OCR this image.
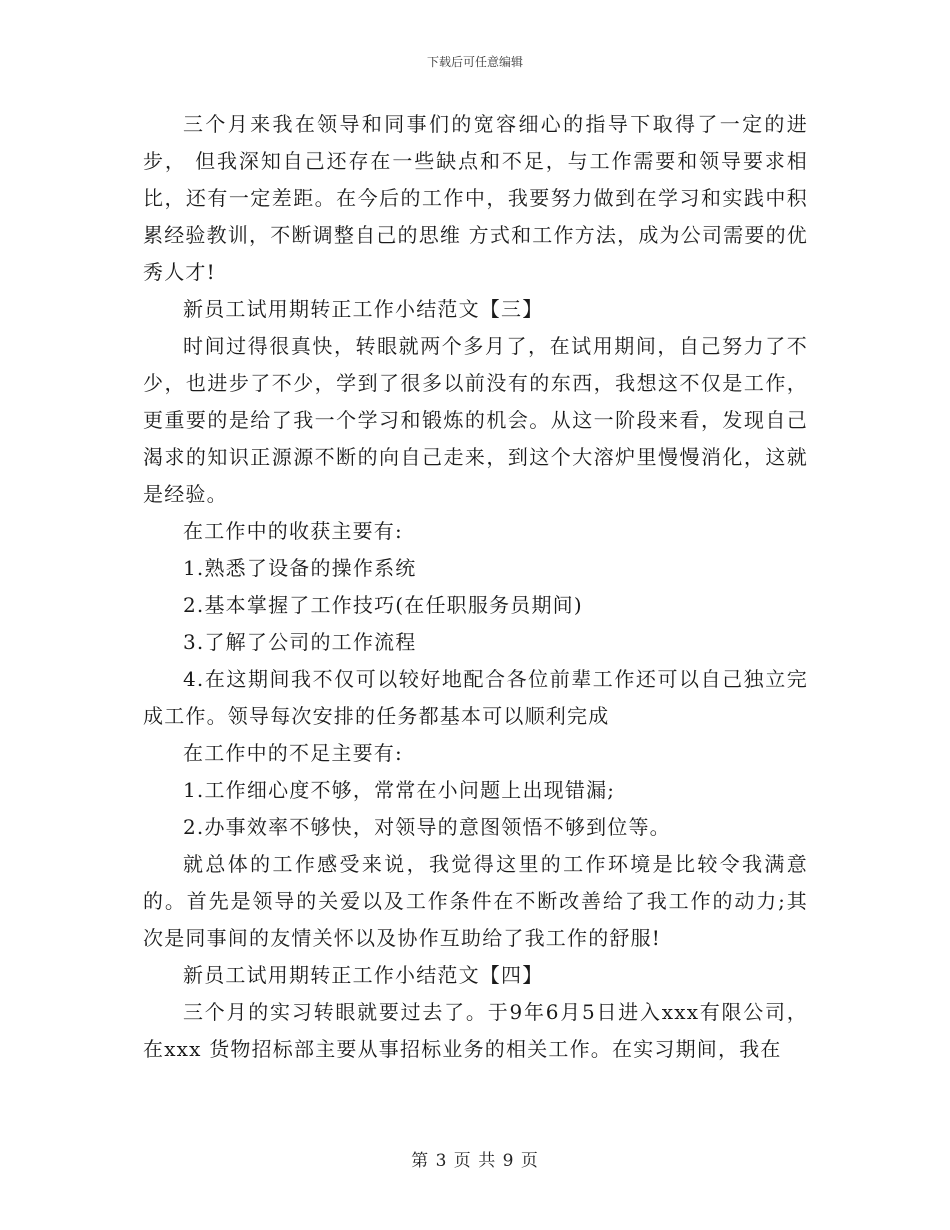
下载后可任意编辑

三个月来我在领导和同事们的宽容细心的指导下取得了一定的进步， 但我深知自己还存在一些缺点和不足，与工作需要和领导要求相比，还有一定差距。在今后的工作中，我要努力做到在学习和实践中积累经验教训，不断调整自己的思维 方式和工作方法，成为公司需要的优秀人才!

新员工试用期转正工作小结范文【三】

时间过得很真快，转眼就两个多月了，在试用期间，自己努力了不少，也进步了不少，学到了很多以前没有的东西，我想这不仅是工作，更重要的是给了我一个学习和锻炼的机会。从这一阶段来看，发现自己渴求的知识正源源不断的向自己走来，到这个大溶炉里慢慢消化，这就是经验。

在工作中的收获主要有:

1.熟悉了设备的操作系统

2.基本掌握了工作技巧(在任职服务员期间)

3.了解了公司的工作流程

4.在这期间我不仅可以较好地配合各位前辈工作还可以自己独立完成工作。领导每次安排的任务都基本可以顺利完成

在工作中的不足主要有:

1.工作细心度不够，常常在小问题上出现错漏;

2.办事效率不够快，对领导的意图领悟不够到位等。

就总体的工作感受来说，我觉得这里的工作环境是比较令我满意的。首先是领导的关爱以及工作条件在不断改善给了我工作的动力;其次是同事间的友情关怀以及协作互助给了我工作的舒服!

新员工试用期转正工作小结范文【四】

三个月的实习转眼就要过去了。于9年6月5日进入xxx有限公司，在xxx 货物招标部主要从事招标业务的相关工作。在实习期间，我在

第 3 页 共 9 页
